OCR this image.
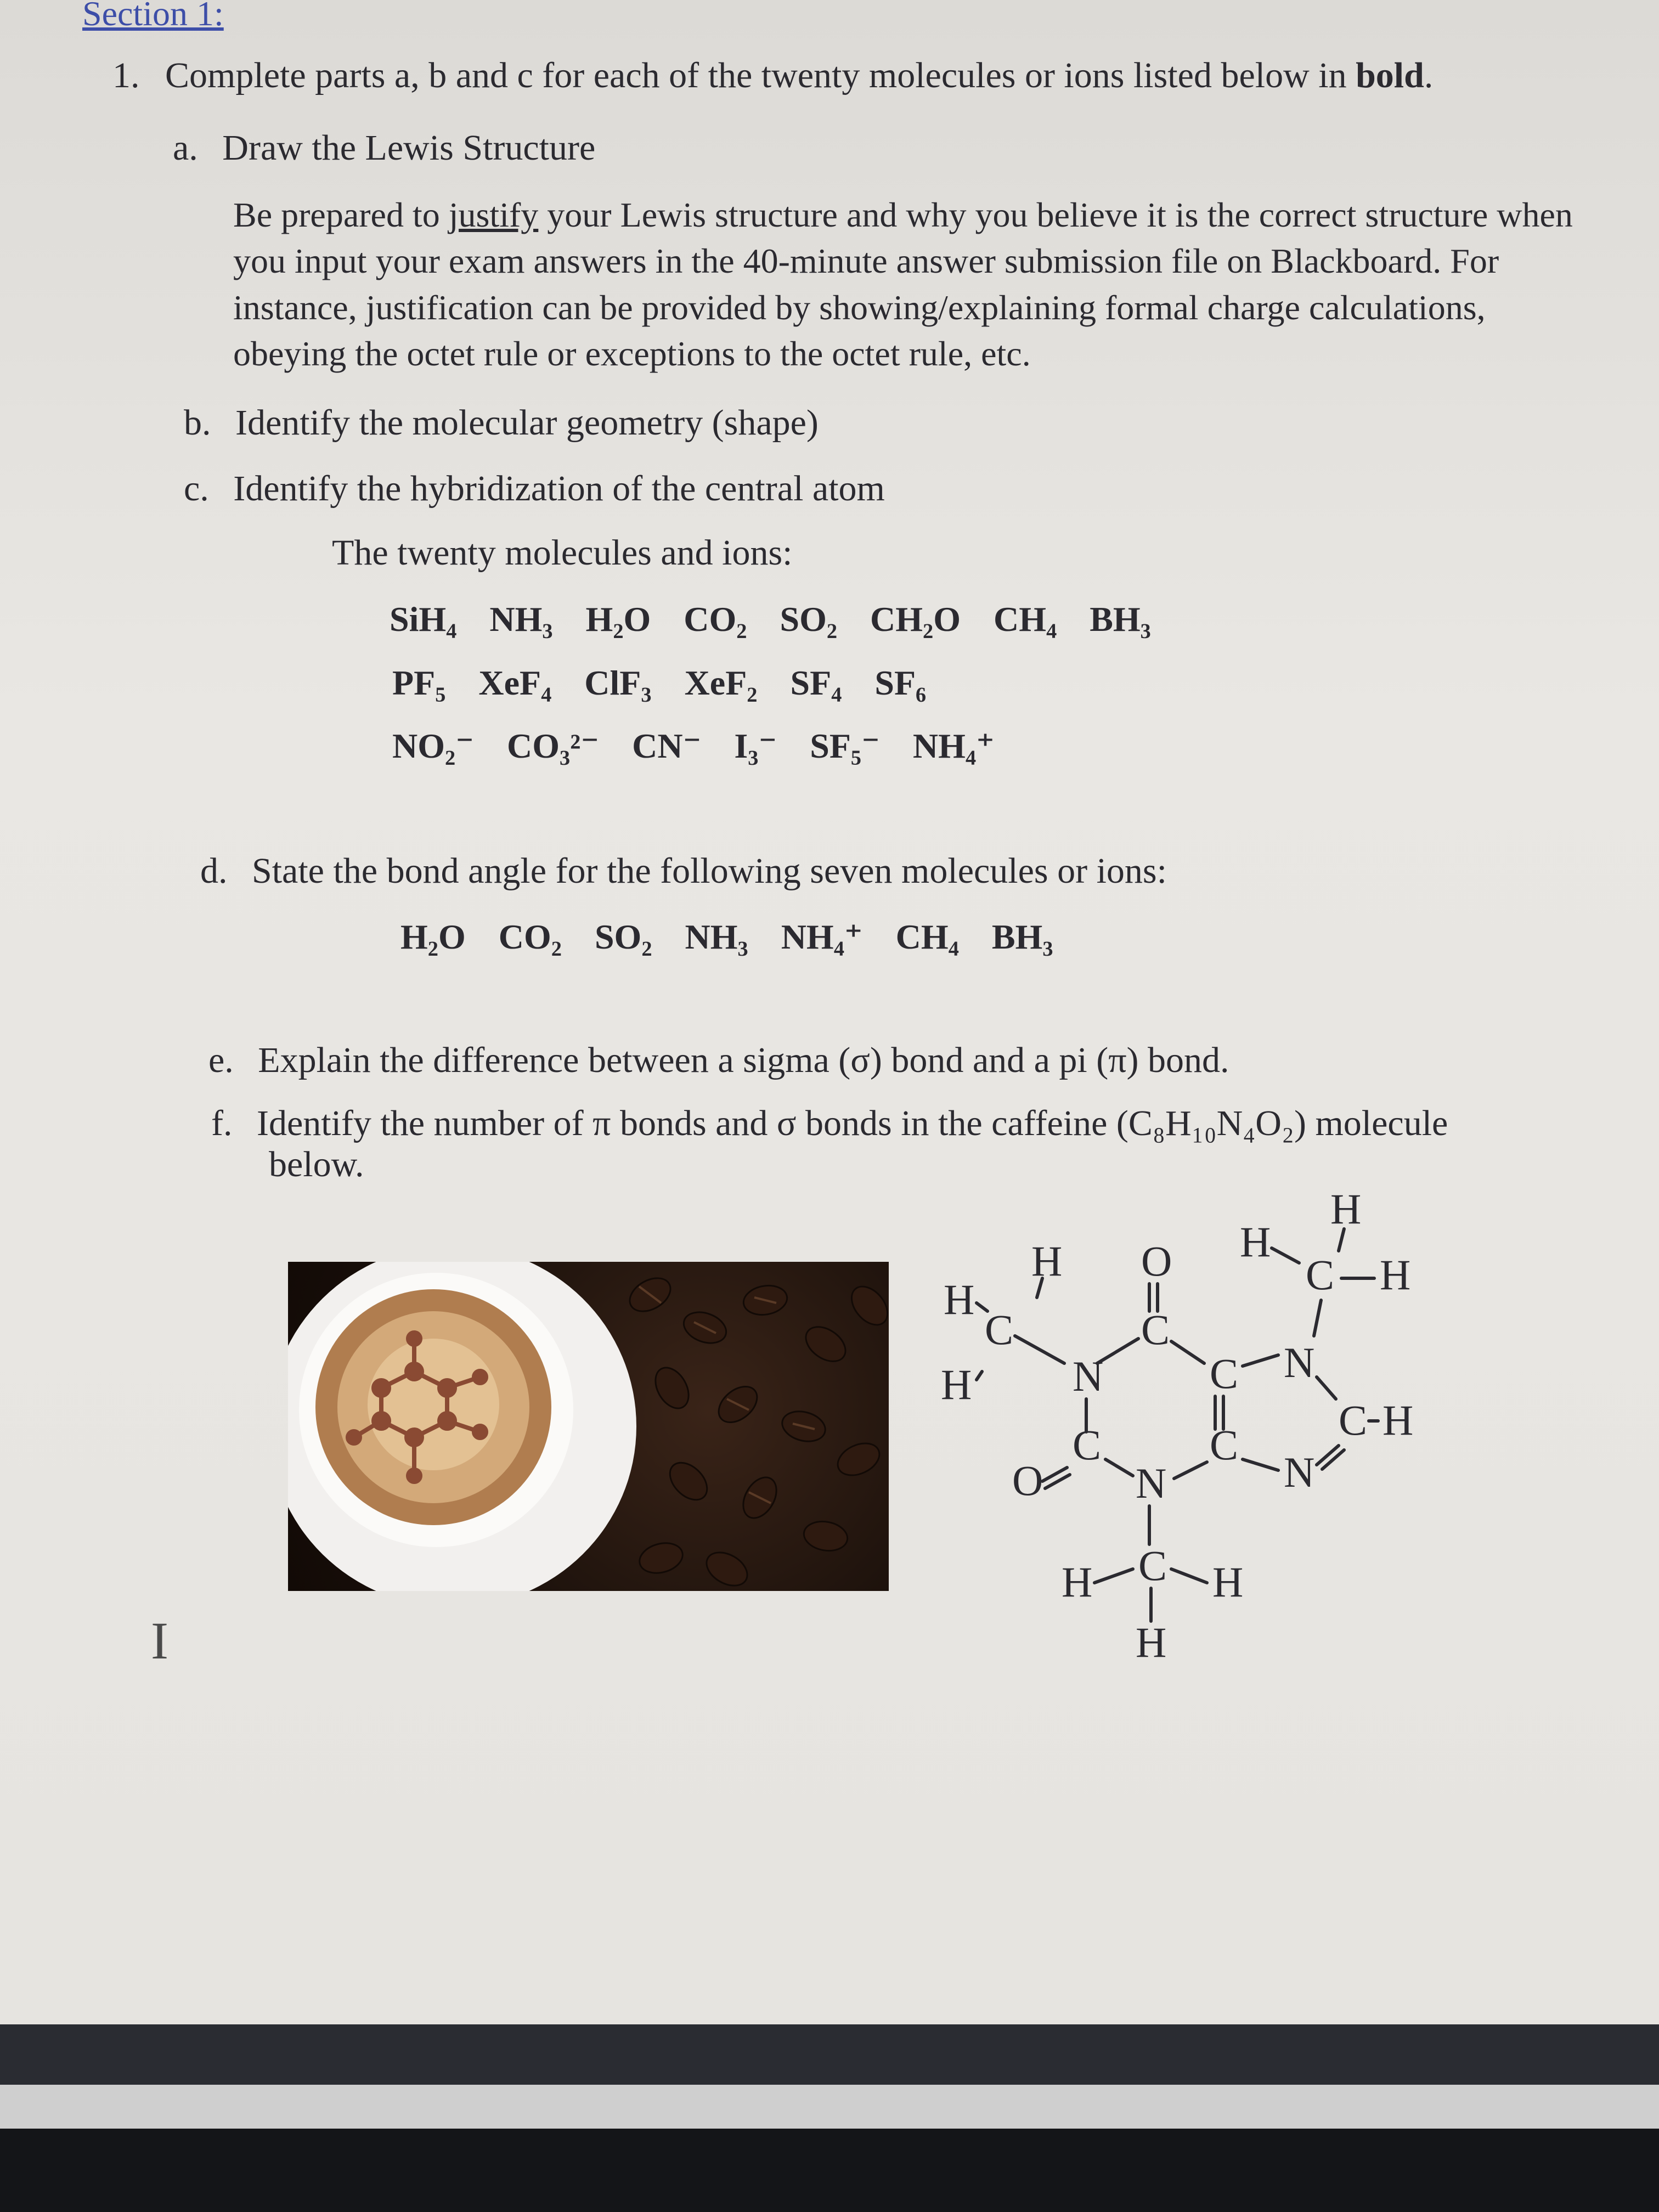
Section 1:
1. Complete parts a, b and c for each of the twenty molecules or ions listed below in bold.
a. Draw the Lewis Structure
Be prepared to justify your Lewis structure and why you believe it is the correct structure when you input your exam answers in the 40-minute answer submission file on Blackboard. For instance, justification can be provided by showing/explaining formal charge calculations, obeying the octet rule or exceptions to the octet rule, etc.
b. Identify the molecular geometry (shape)
c. Identify the hybridization of the central atom
The twenty molecules and ions:
SiH₄ NH₃ H₂O CO₂ SO₂ CH₂O CH₄ BH₃
PF₅ XeF₄ ClF₃ XeF₂ SF₄ SF₆
NO₂⁻ CO₃²⁻ CN⁻ I₃⁻ SF₅⁻ NH₄⁺
d. State the bond angle for the following seven molecules or ions:
H₂O CO₂ SO₂ NH₃ NH₄⁺ CH₄ BH₃
e. Explain the difference between a sigma (σ) bond and a pi (π) bond.
f. Identify the number of π bonds and σ bonds in the caffeine (C₈H₁₀N₄O₂) molecule
below.
H
H
C H
H O
H
C	C
N
H N C
C H
C	C
N
O N
H C H
H
I
